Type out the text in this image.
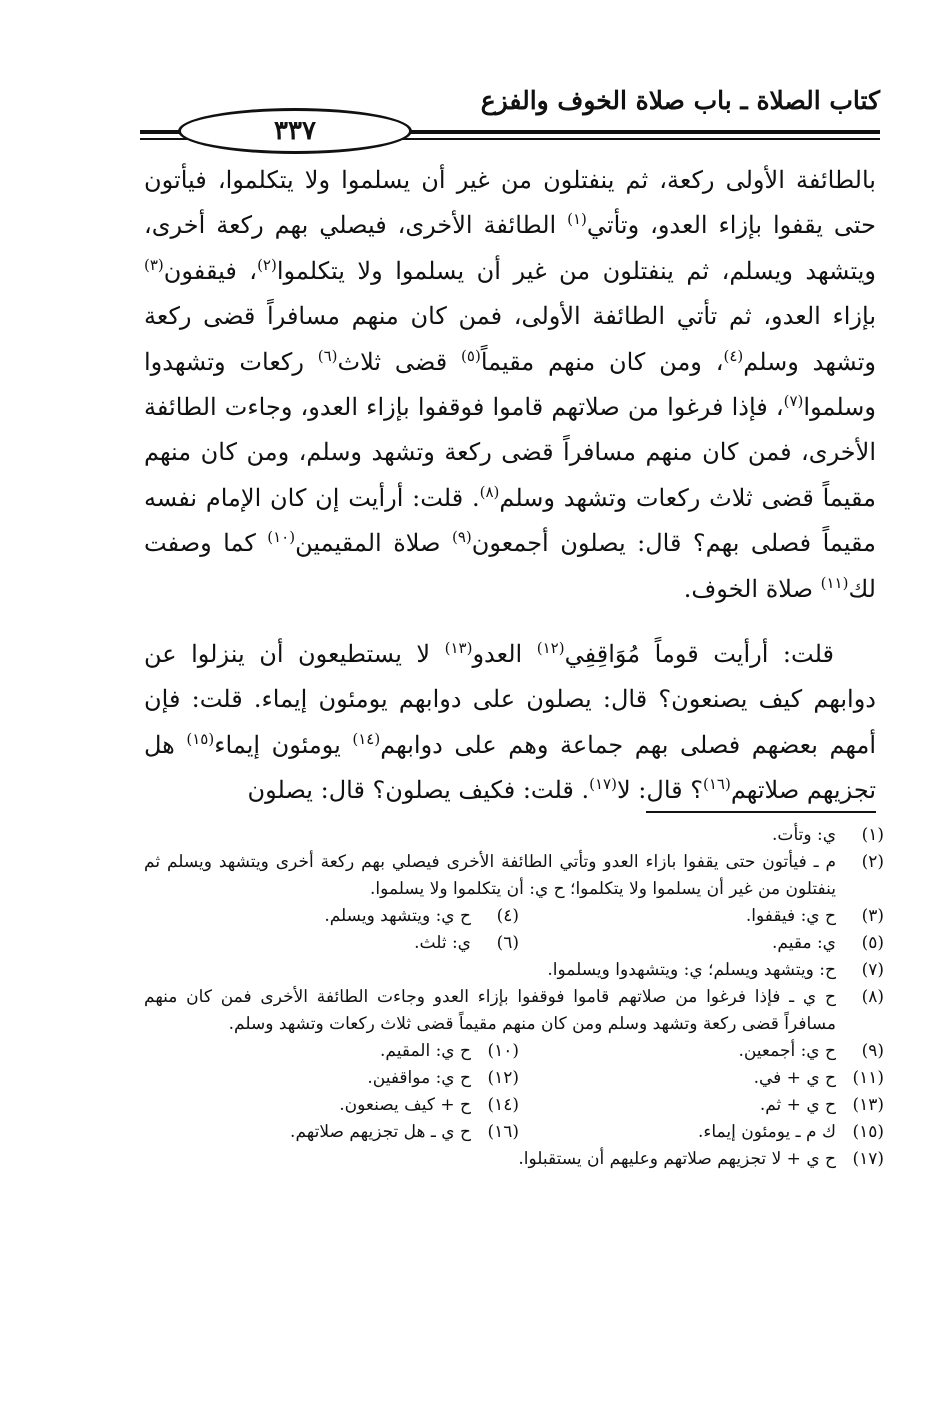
كتاب الصلاة ـ باب صلاة الخوف والفزع
٣٣٧

بالطائفة الأولى ركعة، ثم ينفتلون من غير أن يسلموا ولا يتكلموا، فيأتون حتى يقفوا بإزاء العدو، وتأتي$^{(١)}$ الطائفة الأخرى، فيصلي بهم ركعة أخرى، ويتشهد ويسلم، ثم ينفتلون من غير أن يسلموا ولا يتكلموا$^{(٢)}$، فيقفون$^{(٣)}$ بإزاء العدو، ثم تأتي الطائفة الأولى، فمن كان منهم مسافراً قضى ركعة وتشهد وسلم$^{(٤)}$، ومن كان منهم مقيماً$^{(٥)}$ قضى ثلاث$^{(٦)}$ ركعات وتشهدوا وسلموا$^{(٧)}$، فإذا فرغوا من صلاتهم قاموا فوقفوا بإزاء العدو، وجاءت الطائفة الأخرى، فمن كان منهم مسافراً قضى ركعة وتشهد وسلم، ومن كان منهم مقيماً قضى ثلاث ركعات وتشهد وسلم$^{(٨)}$. قلت: أرأيت إن كان الإمام نفسه مقيماً فصلى بهم؟ قال: يصلون أجمعون$^{(٩)}$ صلاة المقيمين$^{(١٠)}$ كما وصفت لك$^{(١١)}$ صلاة الخوف.

قلت: أرأيت قوماً مُوَاقِفِي$^{(١٢)}$ العدو$^{(١٣)}$ لا يستطيعون أن ينزلوا عن دوابهم كيف يصنعون؟ قال: يصلون على دوابهم يومئون إيماء. قلت: فإن أمهم بعضهم فصلى بهم جماعة وهم على دوابهم$^{(١٤)}$ يومئون إيماء$^{(١٥)}$ هل تجزيهم صلاتهم$^{(١٦)}$؟ قال: لا$^{(١٧)}$. قلت: فكيف يصلون؟ قال: يصلون

(١)
ي: وتأت.
(٢)
م ـ فيأتون حتى يقفوا بازاء العدو وتأتي الطائفة الأخرى فيصلي بهم ركعة أخرى ويتشهد ويسلم ثم ينفتلون من غير أن يسلموا ولا يتكلموا؛ ح ي: أن يتكلموا ولا يسلموا.
(٣)
ح ي: فيقفوا.
(٤)
ح ي: ويتشهد ويسلم.
(٥)
ي: مقيم.
(٦)
ي: ثلث.
(٧)
ح: ويتشهد ويسلم؛ ي: ويتشهدوا ويسلموا.
(٨)
ح ي ـ فإذا فرغوا من صلاتهم قاموا فوقفوا بإزاء العدو وجاءت الطائفة الأخرى فمن كان منهم مسافراً قضى ركعة وتشهد وسلم ومن كان منهم مقيماً قضى ثلاث ركعات وتشهد وسلم.
(٩)
ح ي: أجمعين.
(١٠)
ح ي: المقيم.
(١١)
ح ي + في.
(١٢)
ح ي: مواقفين.
(١٣)
ح ي + ثم.
(١٤)
ح + كيف يصنعون.
(١٥)
ك م ـ يومئون إيماء.
(١٦)
ح ي ـ هل تجزيهم صلاتهم.
(١٧)
ح ي + لا تجزيهم صلاتهم وعليهم أن يستقبلوا.
